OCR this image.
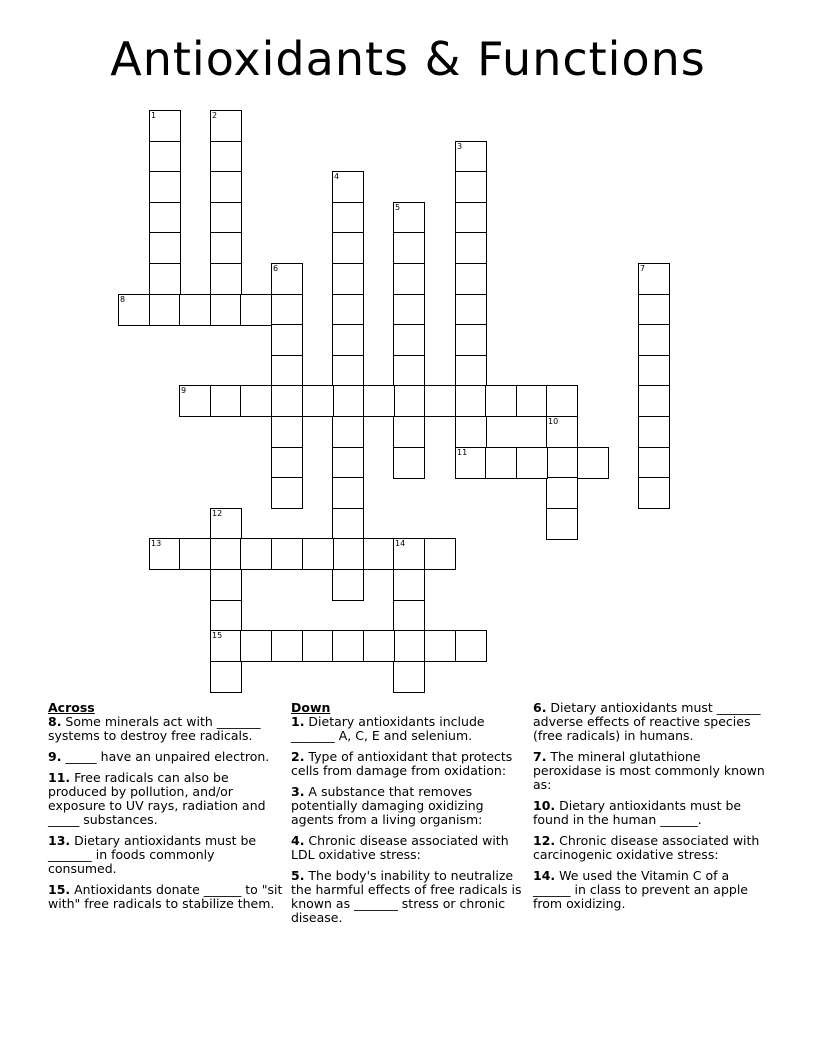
Antioxidants & Functions
1	2
3
4
5
6	7
8
9
10
11
12
15
13	14
Across
8. Some minerals act with _______ systems to destroy free radicals.
9. _____ have an unpaired electron.
11. Free radicals can also be produced by pollution, and/or exposure to UV rays, radiation and _____ substances.
13. Dietary antioxidants must be _______ in foods commonly consumed.
15. Antioxidants donate ______ to "sit with" free radicals to stabilize them.
Down
1. Dietary antioxidants include _______ A, C, E and selenium.
2. Type of antioxidant that protects cells from damage from oxidation:
3. A substance that removes potentially damaging oxidizing agents from a living organism:
4. Chronic disease associated with LDL oxidative stress:
5. The body's inability to neutralize the harmful effects of free radicals is known as _______ stress or chronic disease.
6. Dietary antioxidants must _______ adverse effects of reactive species (free radicals) in humans.
7. The mineral glutathione peroxidase is most commonly known as:
10. Dietary antioxidants must be found in the human ______.
12. Chronic disease associated with carcinogenic oxidative stress:
14. We used the Vitamin C of a ______ in class to prevent an apple from oxidizing.
